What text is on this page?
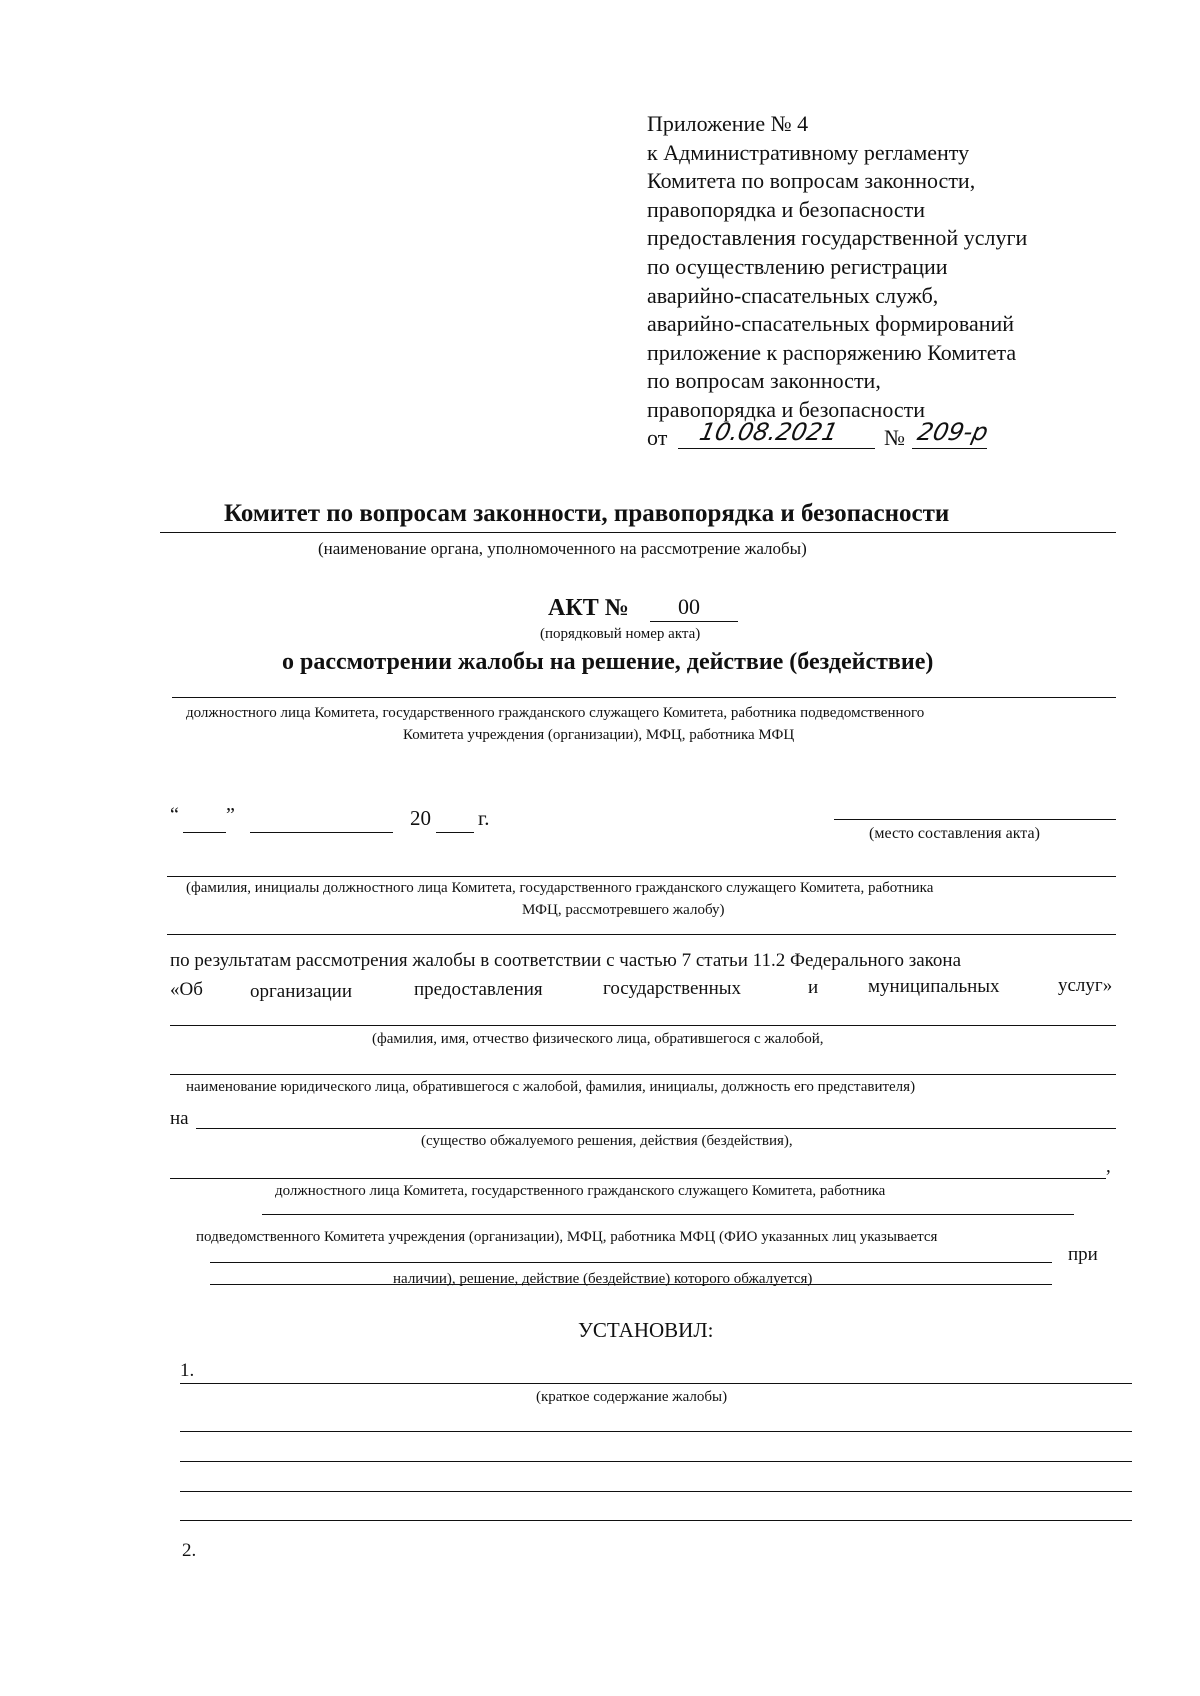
Приложение № 4
к Административному регламенту
Комитета по вопросам законности,
правопорядка и безопасности
предоставления государственной услуги
по осуществлению регистрации
аварийно-спасательных служб,
аварийно-спасательных формирований
приложение к распоряжению Комитета
по вопросам законности,
правопорядка и безопасности
от 10.08.2021 № 209-р
Комитет по вопросам законности, правопорядка и безопасности
(наименование органа, уполномоченного на рассмотрение жалобы)
АКТ № 00
(порядковый номер акта)
о рассмотрении жалобы на решение, действие (бездействие)
должностного лица Комитета, государственного гражданского служащего Комитета, работника подведомственного
Комитета учреждения (организации), МФЦ, работника МФЦ
“ ”	20 г.
(место составления акта)
(фамилия, инициалы должностного лица Комитета, государственного гражданского служащего Комитета, работника
МФЦ, рассмотревшего жалобу)
по результатам рассмотрения жалобы в соответствии с частью 7 статьи 11.2 Федерального закона
«Об организации	предоставления	государственных	и	муниципальных	услуг»
(фамилия, имя, отчество физического лица, обратившегося с жалобой,
наименование юридического лица, обратившегося с жалобой, фамилия, инициалы, должность его представителя)
на
(существо обжалуемого решения, действия (бездействия),
,
должностного лица Комитета, государственного гражданского служащего Комитета, работника
подведомственного Комитета учреждения (организации), МФЦ, работника МФЦ (ФИО указанных лиц указывается
при
наличии), решение, действие (бездействие) которого обжалуется)
УСТАНОВИЛ:
1.
(краткое содержание жалобы)
2.
